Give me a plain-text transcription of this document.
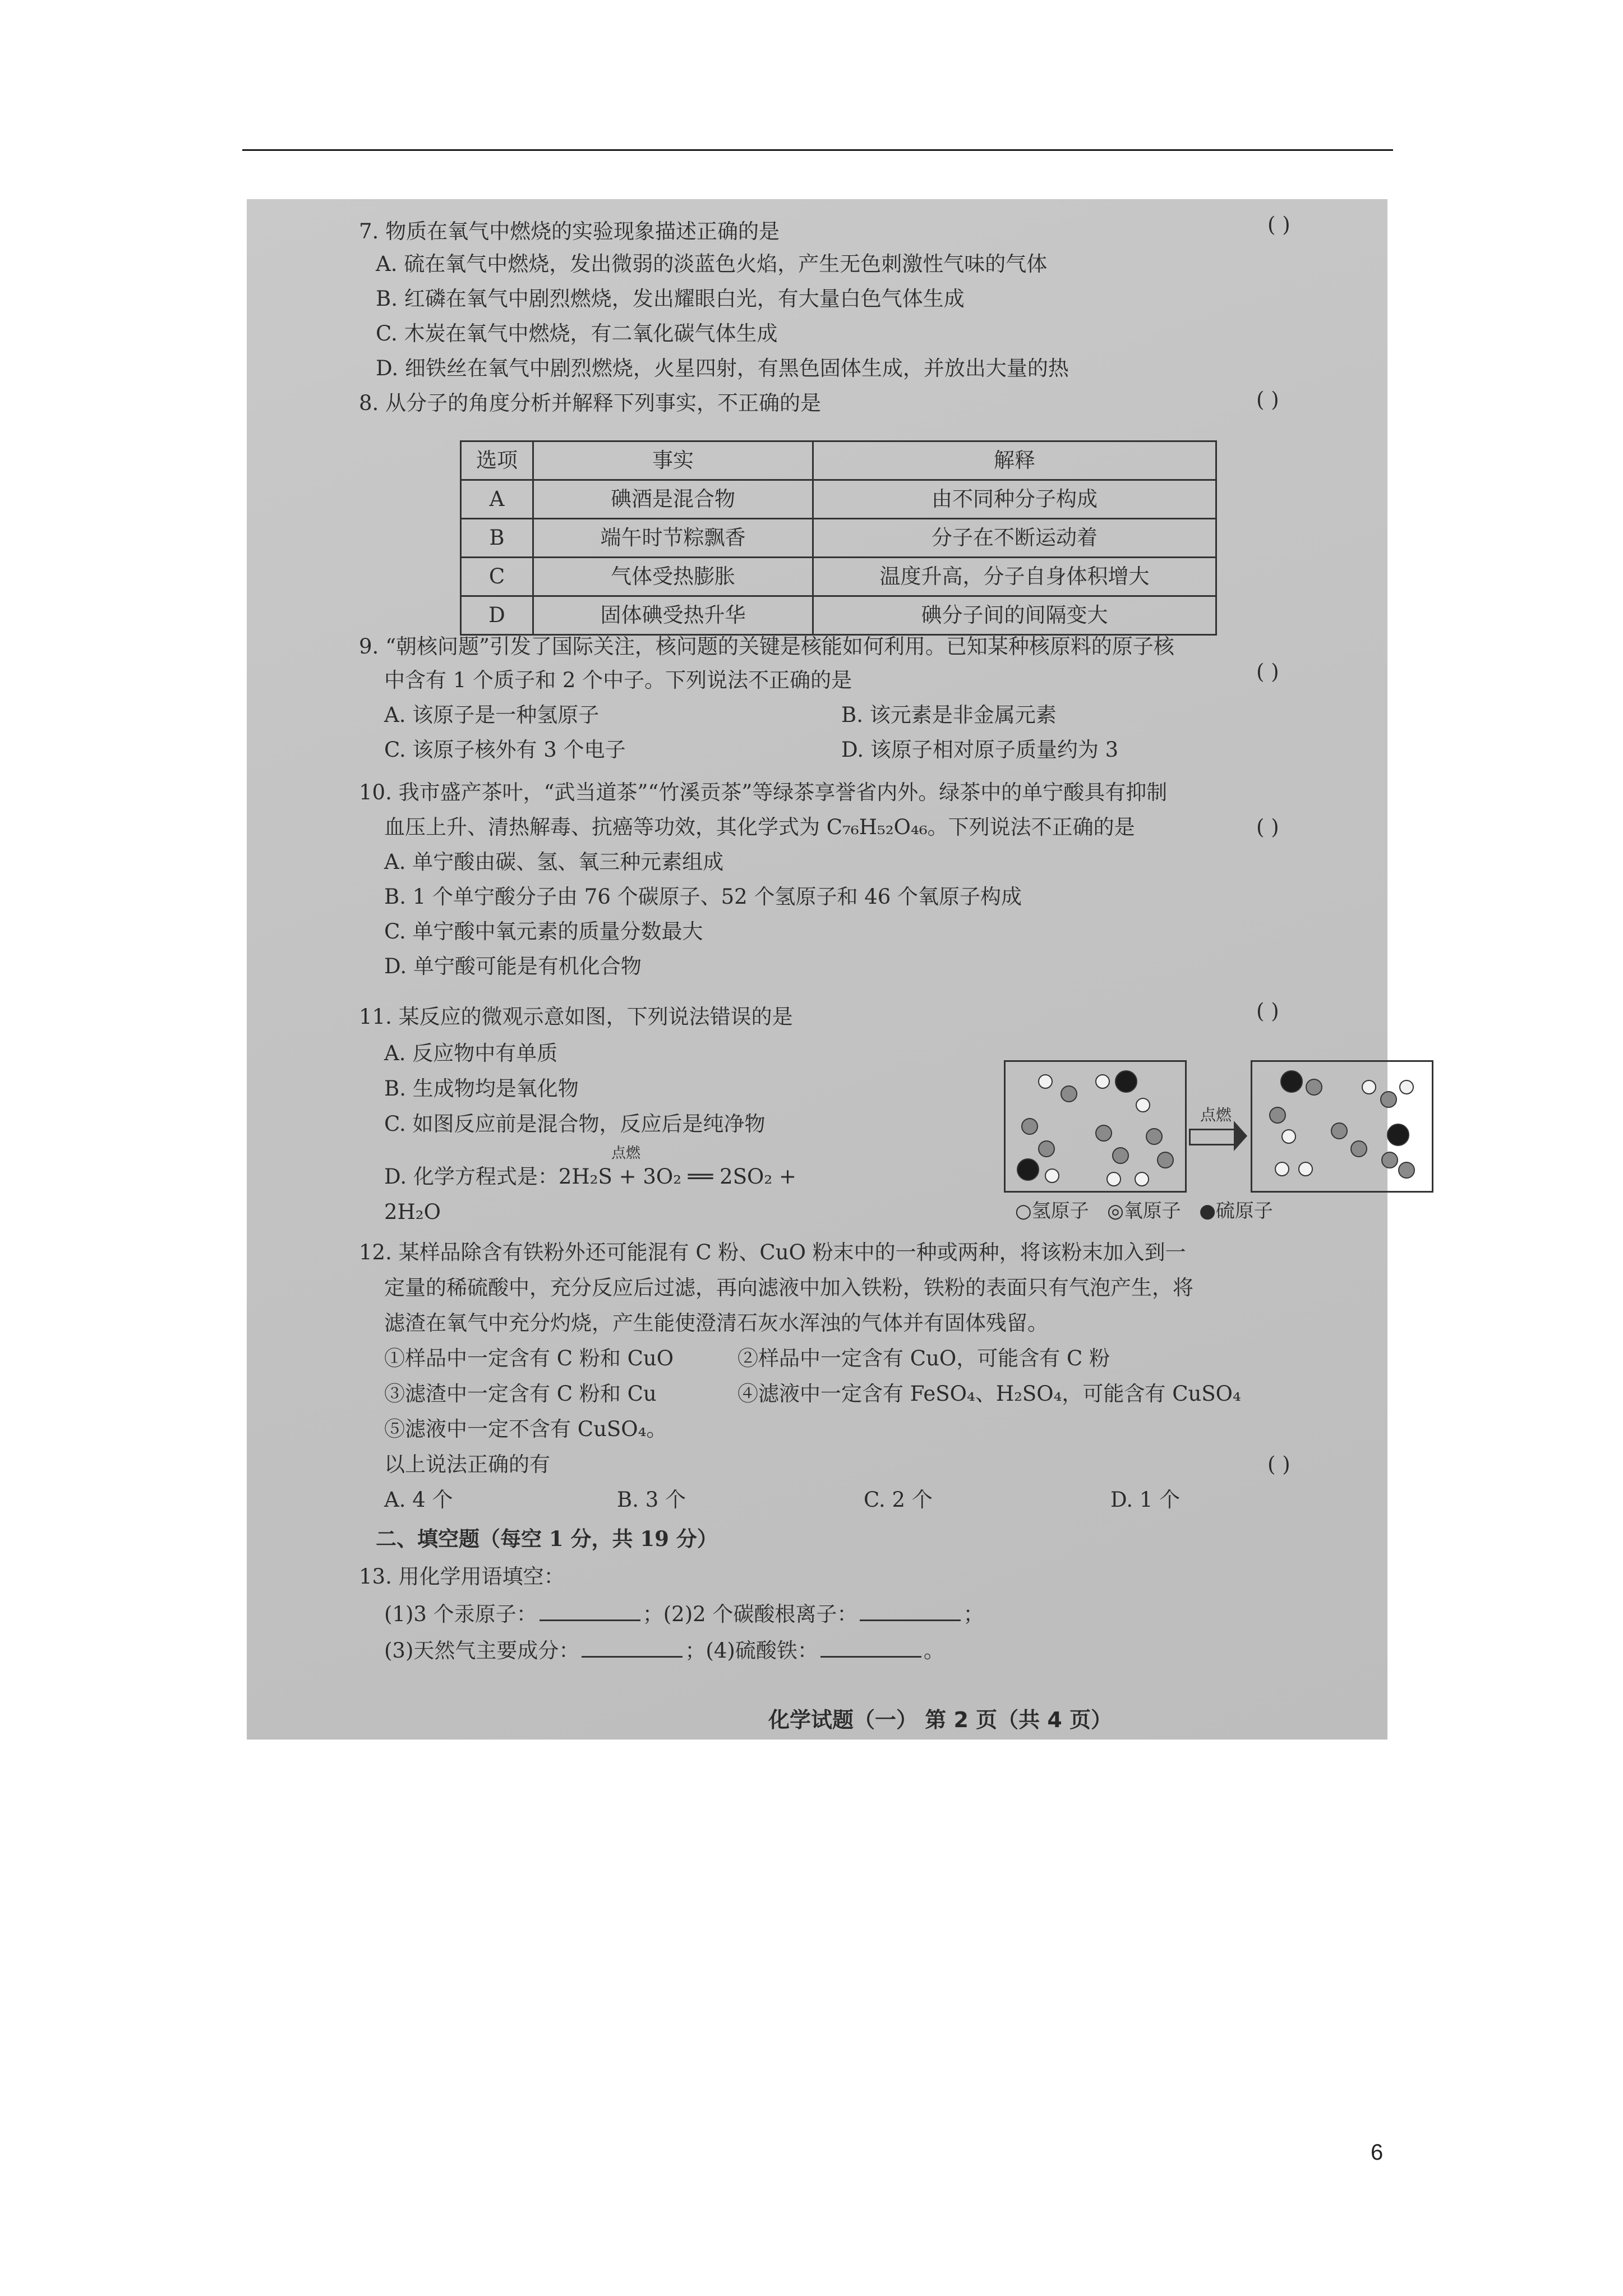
7. 物质在氧气中燃烧的实验现象描述正确的是	( )
A. 硫在氧气中燃烧，发出微弱的淡蓝色火焰，产生无色刺激性气味的气体
B. 红磷在氧气中剧烈燃烧，发出耀眼白光，有大量白色气体生成
C. 木炭在氧气中燃烧，有二氧化碳气体生成
D. 细铁丝在氧气中剧烈燃烧，火星四射，有黑色固体生成，并放出大量的热
8. 从分子的角度分析并解释下列事实，不正确的是	( )
选项	事实	解释
A	碘酒是混合物	由不同种分子构成
B	端午时节粽飘香	分子在不断运动着
C	气体受热膨胀	温度升高，分子自身体积增大
D	固体碘受热升华	碘分子间的间隔变大
9. “朝核问题”引发了国际关注，核问题的关键是核能如何利用。已知某种核原料的原子核
中含有 1 个质子和 2 个中子。下列说法不正确的是	( )
A. 该原子是一种氢原子	B. 该元素是非金属元素
C. 该原子核外有 3 个电子	D. 该原子相对原子质量约为 3
10. 我市盛产茶叶，“武当道茶”“竹溪贡茶”等绿茶享誉省内外。绿茶中的单宁酸具有抑制
血压上升、清热解毒、抗癌等功效，其化学式为 C₇₆H₅₂O₄₆。下列说法不正确的是	( )
A. 单宁酸由碳、氢、氧三种元素组成
B. 1 个单宁酸分子由 76 个碳原子、52 个氢原子和 46 个氧原子构成
C. 单宁酸中氧元素的质量分数最大
D. 单宁酸可能是有机化合物
11. 某反应的微观示意如图，下列说法错误的是	( )
A. 反应物中有单质
B. 生成物均是氧化物
C. 如图反应前是混合物，反应后是纯净物
D. 化学方程式是：2H₂S + 3O₂ ══ 2SO₂ +
点燃
2H₂O
点燃
○氢原子 ◎氧原子 ●硫原子
12. 某样品除含有铁粉外还可能混有 C 粉、CuO 粉末中的一种或两种，将该粉末加入到一
定量的稀硫酸中，充分反应后过滤，再向滤液中加入铁粉，铁粉的表面只有气泡产生，将
滤渣在氧气中充分灼烧，产生能使澄清石灰水浑浊的气体并有固体残留。
①样品中一定含有 C 粉和 CuO	②样品中一定含有 CuO，可能含有 C 粉
③滤渣中一定含有 C 粉和 Cu	④滤液中一定含有 FeSO₄、H₂SO₄，可能含有 CuSO₄
⑤滤液中一定不含有 CuSO₄。
以上说法正确的有	( )
A. 4 个	B. 3 个	C. 2 个	D. 1 个
二、填空题（每空 1 分，共 19 分）
13. 用化学用语填空：
(1)3 个汞原子：	；(2)2 个碳酸根离子：	；
(3)天然气主要成分：	；(4)硫酸铁：	。
化学试题（一） 第 2 页（共 4 页）
6
